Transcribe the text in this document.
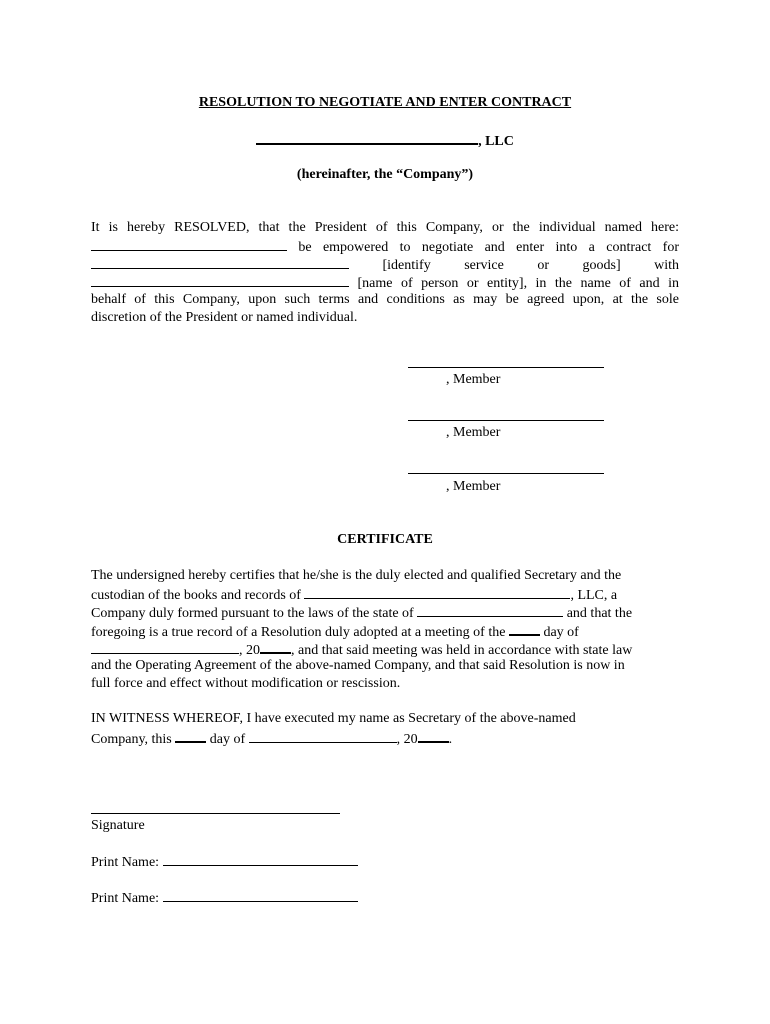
RESOLUTION TO NEGOTIATE AND ENTER CONTRACT
, LLC
(hereinafter, the “Company”)
It is hereby RESOLVED, that the President of this Company, or the individual named here:
be empowered to negotiate and enter into a contract for
[identify service or goods] with
[name of person or entity], in the name of and in
behalf of this Company, upon such terms and conditions as may be agreed upon, at the sole
discretion of the President or named individual.
, Member
, Member
, Member
CERTIFICATE
The undersigned hereby certifies that he/she is the duly elected and qualified Secretary and the
custodian of the books and records of	, LLC, a
Company duly formed pursuant to the laws of the state of	and that the
foregoing is a true record of a Resolution duly adopted at a meeting of the	day of
, 20 , and that said meeting was held in accordance with state law
and the Operating Agreement of the above-named Company, and that said Resolution is now in
full force and effect without modification or rescission.
IN WITNESS WHEREOF, I have executed my name as Secretary of the above-named
Company, this	day of	, 20 .
Signature
Print Name:
Print Name:
